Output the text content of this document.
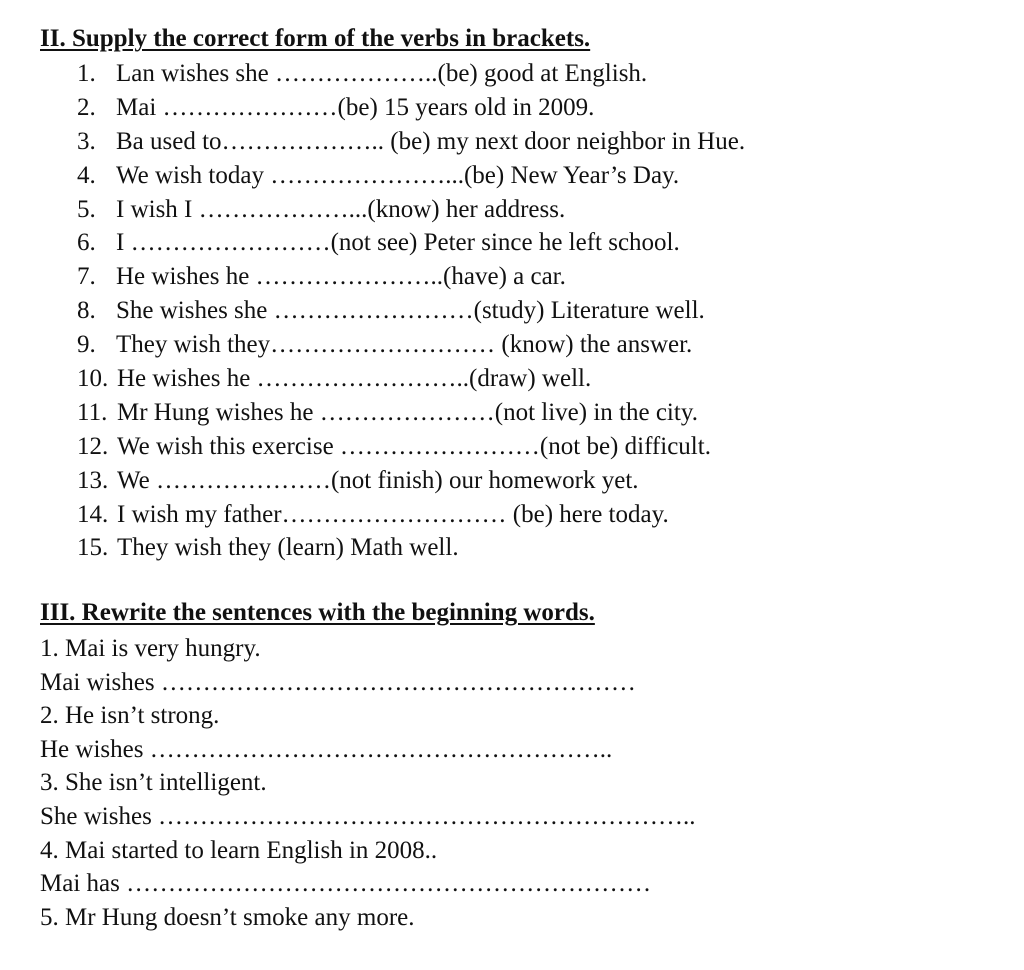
II. Supply the correct form of the verbs in brackets.
1. Lan wishes she ………………..(be) good at English.
2. Mai …………………(be) 15 years old in 2009.
3. Ba used to……………….. (be) my next door neighbor in Hue.
4. We wish today …………………...(be) New Year’s Day.
5. I wish I ………………...(know) her address.
6. I ……………………(not see) Peter since he left school.
7. He wishes he …………………..(have) a car.
8. She wishes she ……………………(study) Literature well.
9. They wish they……………………… (know) the answer.
10. He wishes he ……………………..(draw) well.
11. Mr Hung wishes he …………………(not live) in the city.
12. We wish this exercise ……………………(not be) difficult.
13. We …………………(not finish) our homework yet.
14. I wish my father……………………… (be) here today.
15. They wish they (learn) Math well.
III. Rewrite the sentences with the beginning words.
1. Mai is very hungry.
Mai wishes …………………………………………………
2. He isn’t strong.
He wishes ………………………………………………..
3. She isn’t intelligent.
She wishes ………………………………………………………..
4. Mai started to learn English in 2008..
Mai has ………………………………………………………
5. Mr Hung doesn’t smoke any more.
